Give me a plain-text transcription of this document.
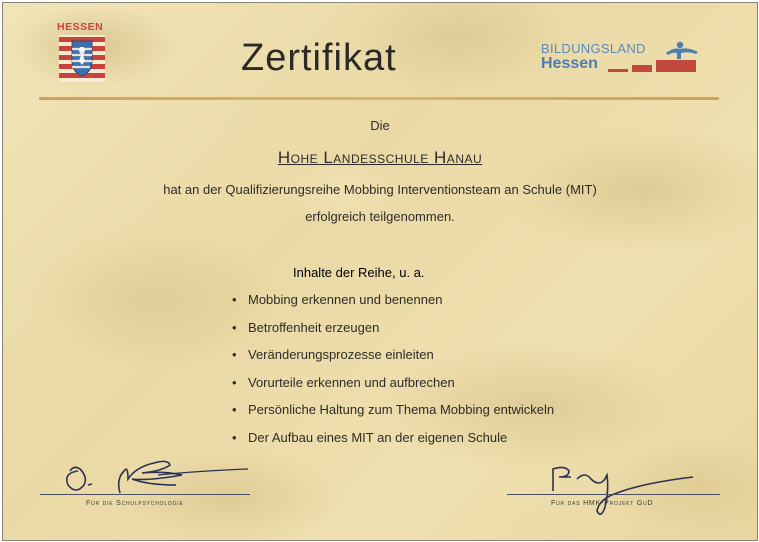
HESSEN
Zertifikat	BILDUNGSLAND
Hessen
Die
Hohe Landesschule Hanau
hat an der Qualifizierungsreihe Mobbing Interventionsteam an Schule (MIT)
erfolgreich teilgenommen.
Inhalte der Reihe, u. a.
• Mobbing erkennen und benennen
• Betroffenheit erzeugen
• Veränderungsprozesse einleiten
• Vorurteile erkennen und aufbrechen
• Persönliche Haltung zum Thema Mobbing entwickeln
• Der Aufbau eines MIT an der eigenen Schule
Für die Schulpsychologie	Für das HMK-Projekt GuD
